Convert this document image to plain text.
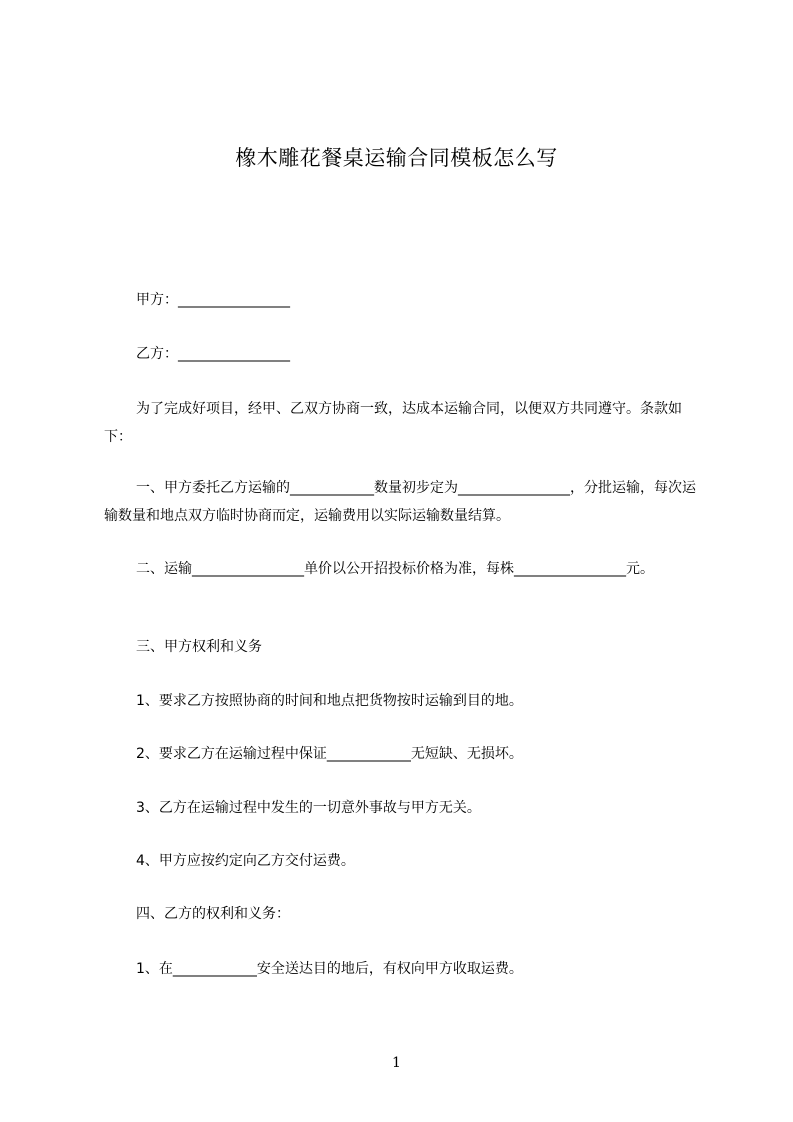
橡木雕花餐桌运输合同模板怎么写

甲方：________________

乙方：________________

为了完成好项目，经甲、乙双方协商一致，达成本运输合同，以便双方共同遵守。条款如下：

一、甲方委托乙方运输的____________数量初步定为________________，分批运输，每次运输数量和地点双方临时协商而定，运输费用以实际运输数量结算。

二、运输________________单价以公开招投标价格为准，每株________________元。

三、甲方权利和义务

1、要求乙方按照协商的时间和地点把货物按时运输到目的地。

2、要求乙方在运输过程中保证____________无短缺、无损坏。

3、乙方在运输过程中发生的一切意外事故与甲方无关。

4、甲方应按约定向乙方交付运费。

四、乙方的权利和义务：

1、在____________安全送达目的地后，有权向甲方收取运费。

1
